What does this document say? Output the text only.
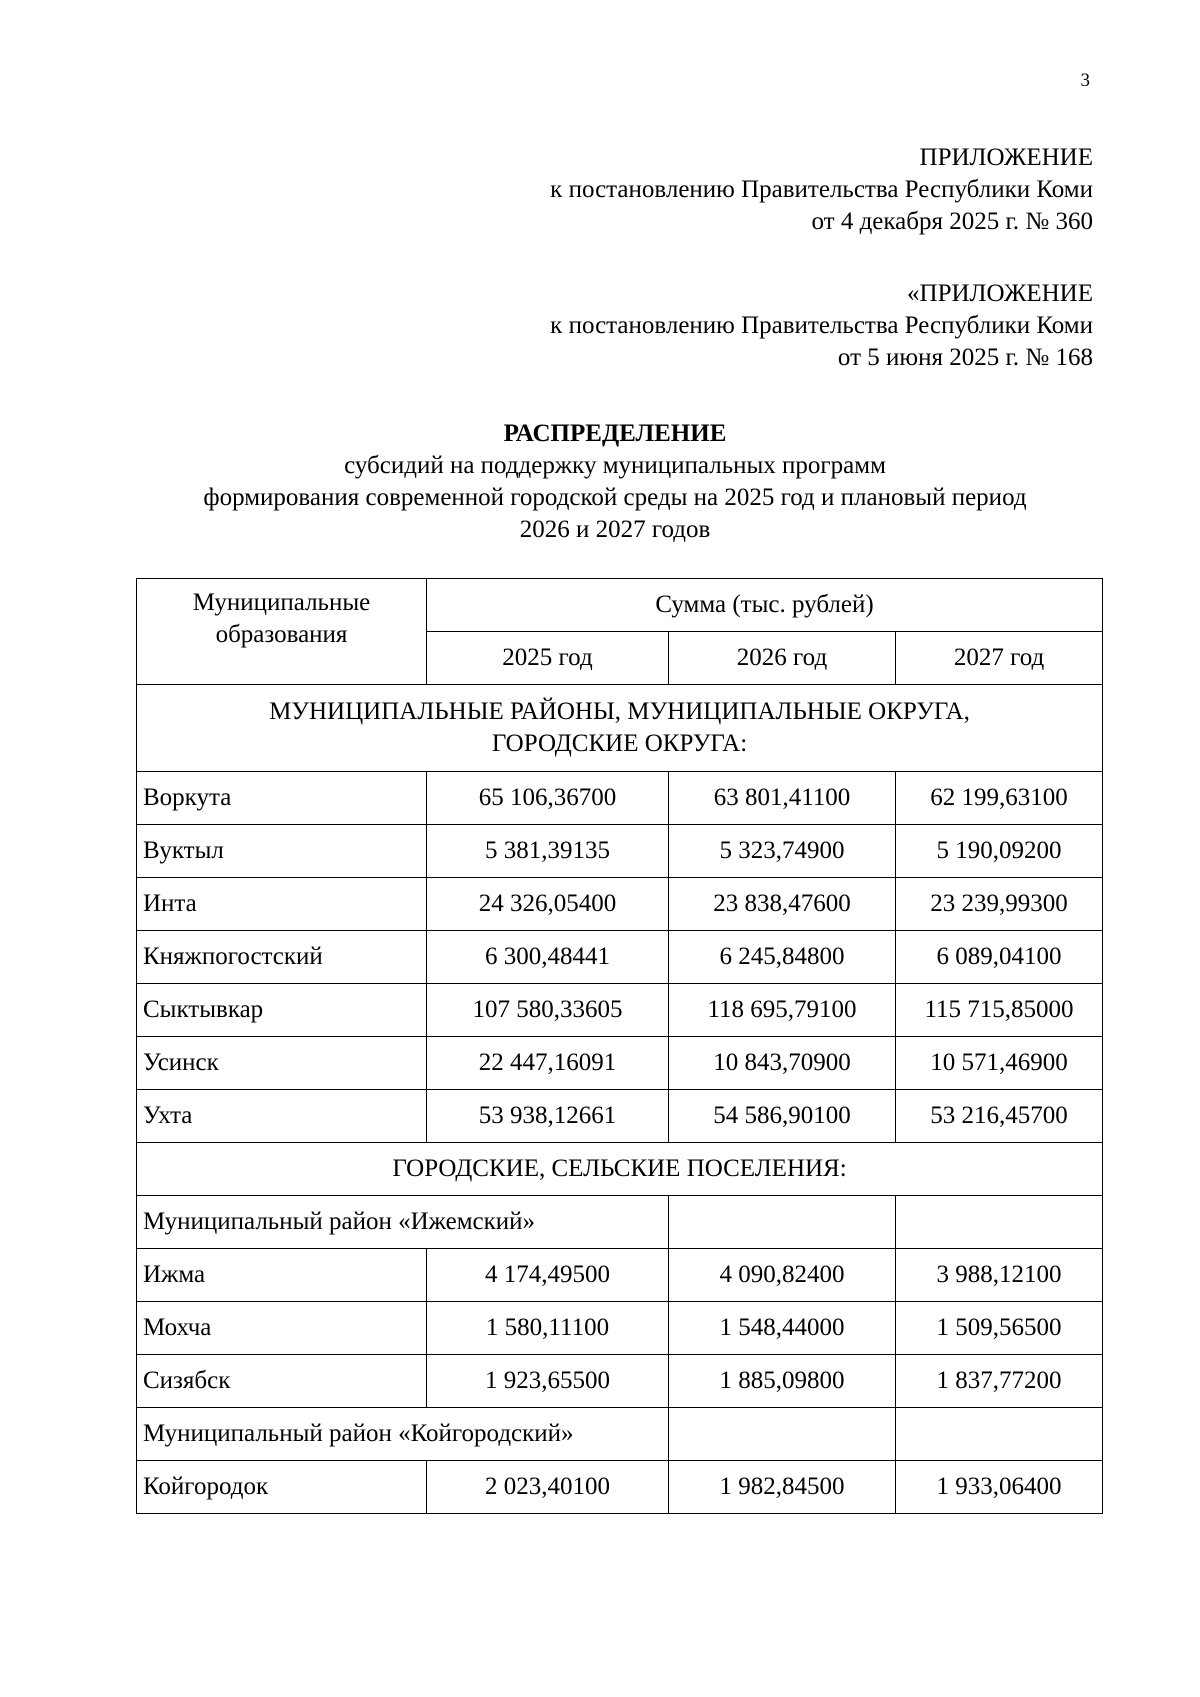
3
ПРИЛОЖЕНИЕ
к постановлению Правительства Республики Коми
от 4 декабря 2025 г. № 360
«ПРИЛОЖЕНИЕ
к постановлению Правительства Республики Коми
от 5 июня 2025 г. № 168
РАСПРЕДЕЛЕНИЕ
субсидий на поддержку муниципальных программ
формирования современной городской среды на 2025 год и плановый период
2026 и 2027 годов
Муниципальные образования	Сумма (тыс. рублей)		
	2025 год	2026 год	2027 год

МУНИЦИПАЛЬНЫЕ РАЙОНЫ, МУНИЦИПАЛЬНЫЕ ОКРУГА,
ГОРОДСКИЕ ОКРУГА:			

Воркута	65 106,36700	63 801,41100	62 199,63100
Вуктыл	5 381,39135	5 323,74900	5 190,09200
Инта	24 326,05400	23 838,47600	23 239,99300
Княжпогостский	6 300,48441	6 245,84800	6 089,04100
Сыктывкар	107 580,33605	118 695,79100	115 715,85000
Усинск	22 447,16091	10 843,70900	10 571,46900
Ухта	53 938,12661	54 586,90100	53 216,45700
ГОРОДСКИЕ, СЕЛЬСКИЕ ПОСЕЛЕНИЯ:			
Муниципальный район «Ижемский»			
Ижма	4 174,49500	4 090,82400	3 988,12100
Мохча	1 580,11100	1 548,44000	1 509,56500
Сизябск	1 923,65500	1 885,09800	1 837,77200
Муниципальный район «Койгородский»			
Койгородок	2 023,40100	1 982,84500	1 933,06400
